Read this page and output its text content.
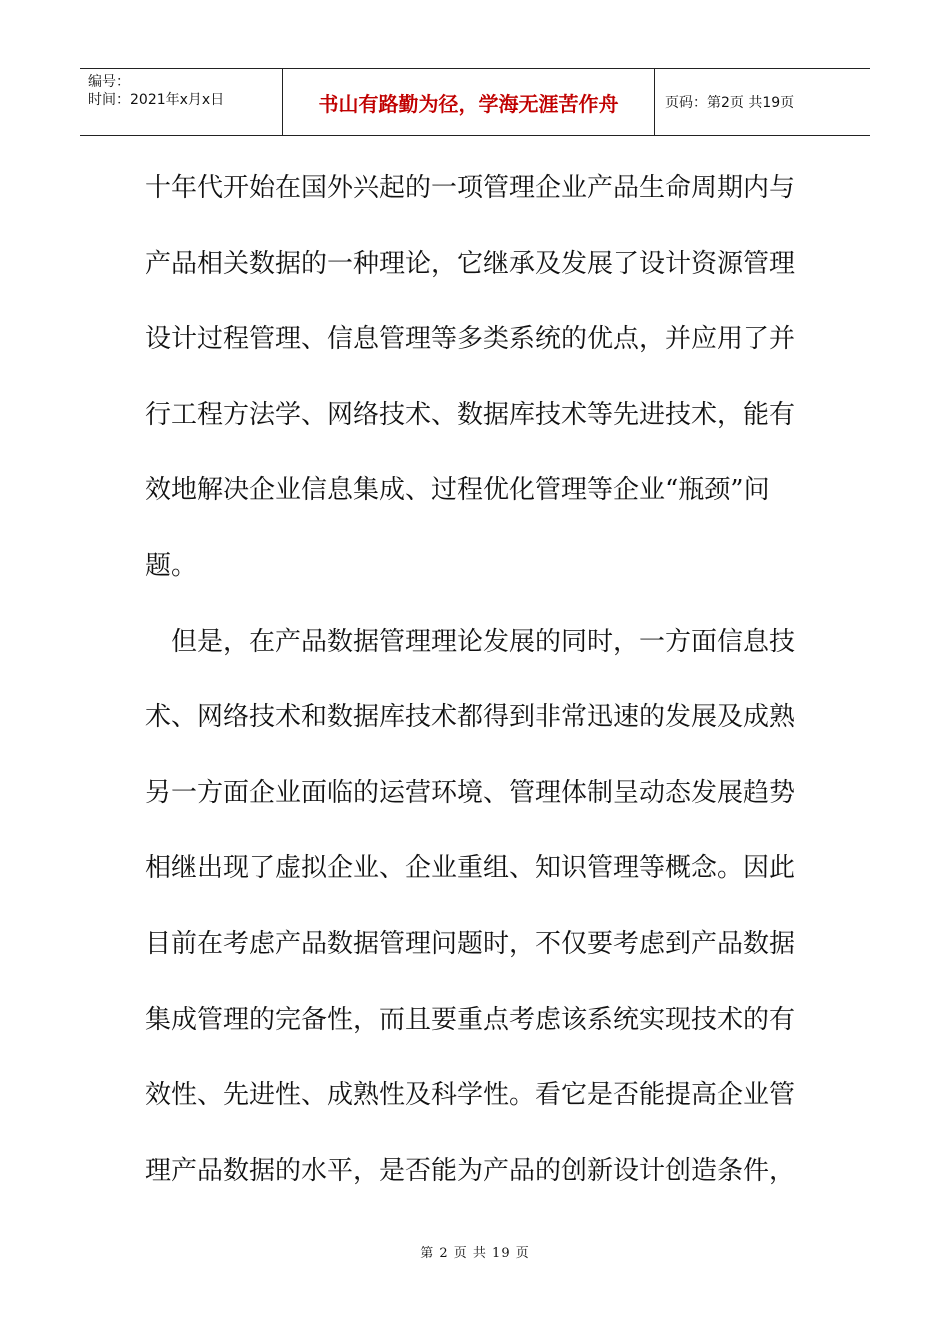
编号：
时间：2021年x月x日	书山有路勤为径，学海无涯苦作舟	页码：第2页 共19页
十年代开始在国外兴起的一项管理企业产品生命周期内与
产品相关数据的一种理论，它继承及发展了设计资源管理
设计过程管理、信息管理等多类系统的优点，并应用了并
行工程方法学、网络技术、数据库技术等先进技术，能有
效地解决企业信息集成、过程优化管理等企业“瓶颈”问
题。
　但是，在产品数据管理理论发展的同时，一方面信息技
术、网络技术和数据库技术都得到非常迅速的发展及成熟
另一方面企业面临的运营环境、管理体制呈动态发展趋势
相继出现了虚拟企业、企业重组、知识管理等概念。因此
目前在考虑产品数据管理问题时，不仅要考虑到产品数据
集成管理的完备性，而且要重点考虑该系统实现技术的有
效性、先进性、成熟性及科学性。看它是否能提高企业管
理产品数据的水平，是否能为产品的创新设计创造条件，
第 2 页 共 19 页
